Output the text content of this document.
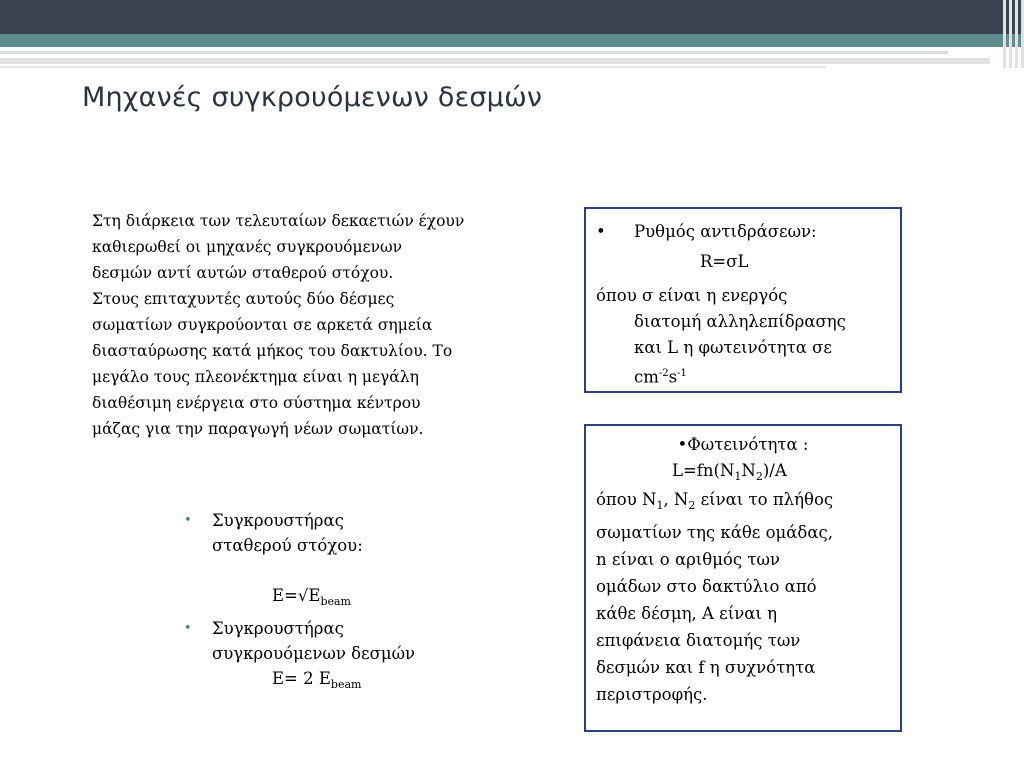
Μηχανές συγκρουόμενων δεσμών

Στη διάρκεια των τελευταίων δεκαετιών έχουν

καθιερωθεί οι μηχανές συγκρουόμενων

δεσμών αντί αυτών σταθερού στόχου.

Στους επιταχυντές αυτούς δύο δέσμες

σωματίων συγκρούονται σε αρκετά σημεία

διασταύρωσης κατά μήκος του δακτυλίου. Το

μεγάλο τους πλεονέκτημα είναι η μεγάλη

διαθέσιμη ενέργεια στο σύστημα κέντρου

μάζας για την παραγωγή νέων σωματίων.

• Συγκρουστήρας
σταθερού στόχου:
$E=√E_{beam}$
• Συγκρουστήρας
συγκρουόμενων δεσμών
E= 2 $E_{beam}$
• Ρυθμός αντιδράσεων:
R=σL
όπου σ είναι η ενεργός
διατομή αλληλεπίδρασης
και L η φωτεινότητα σε
$cm^{-2}s^{-1}$
•Φωτεινότητα :
$L=fn(N_1N_2)/A$
όπου $N_1$, $N_2$ είναι το πλήθος
σωματίων της κάθε ομάδας,
n είναι ο αριθμός των
ομάδων στο δακτύλιο από
κάθε δέσμη, A είναι η
επιφάνεια διατομής των
δεσμών και f η συχνότητα
περιστροφής.
